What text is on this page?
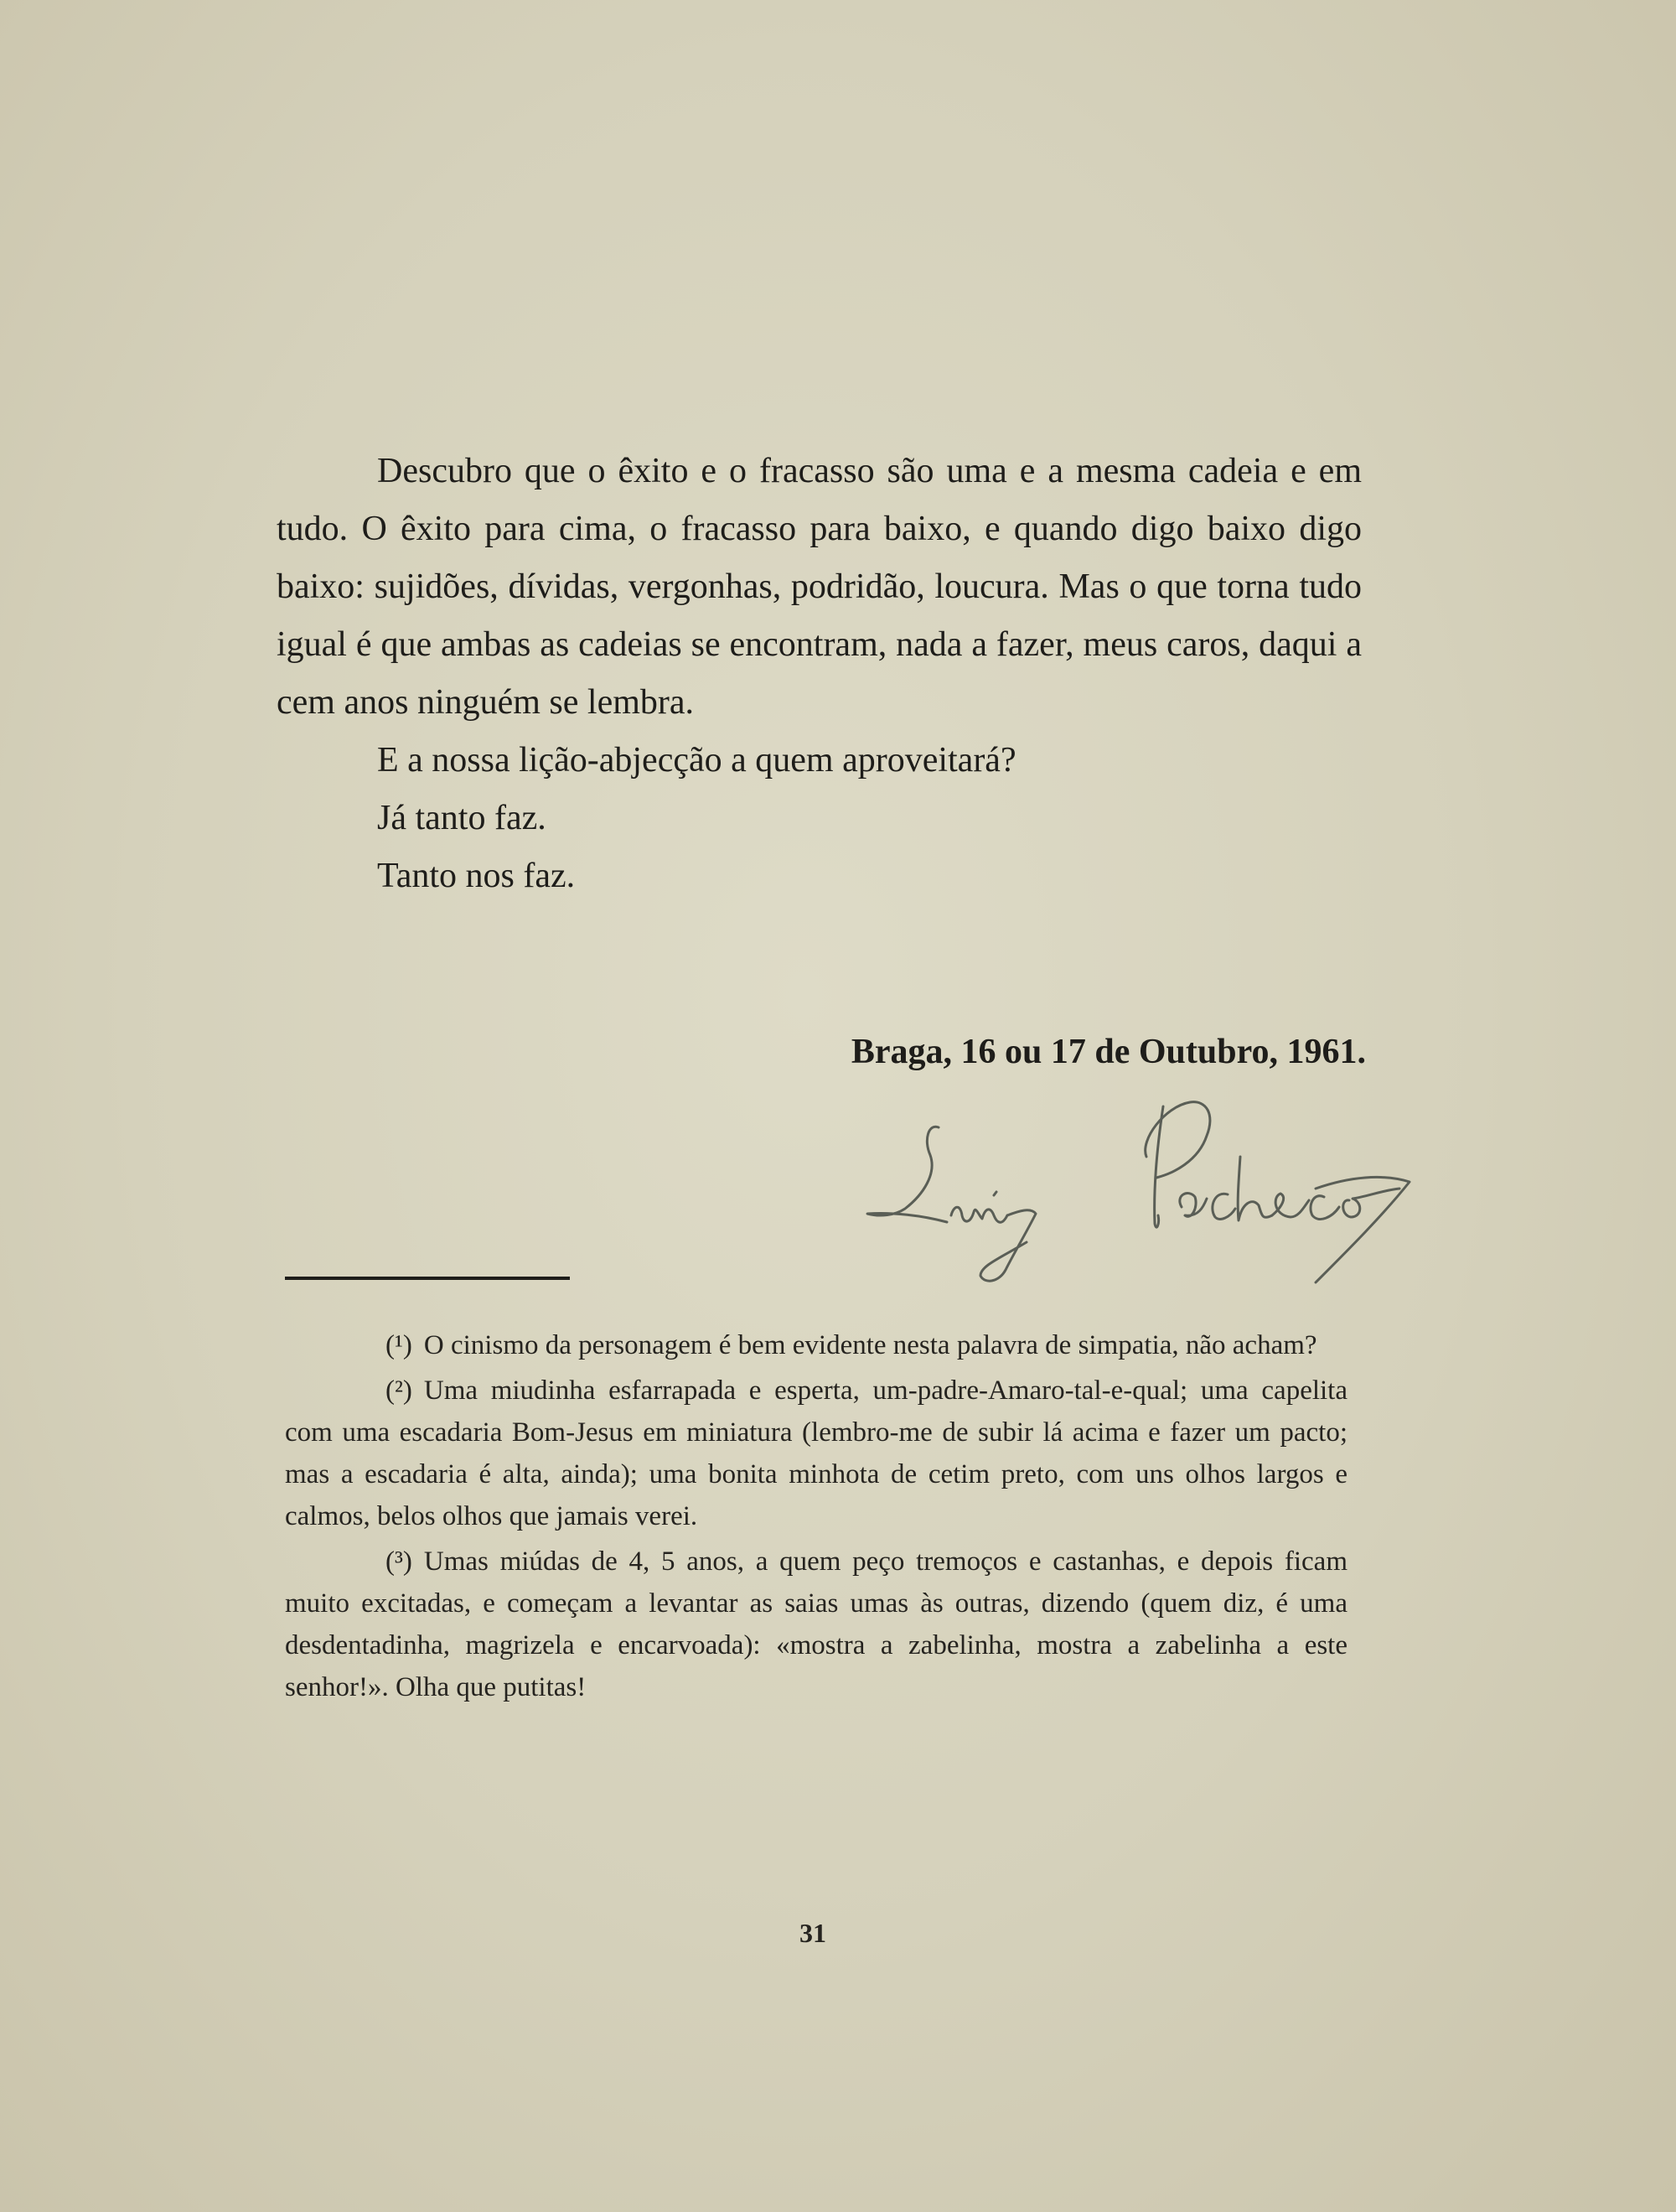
Descubro que o êxito e o fracasso são uma e a mesma cadeia e em tudo. O êxito para cima, o fracasso para baixo, e quando digo baixo digo baixo: sujidões, dívidas, vergonhas, podridão, loucura. Mas o que torna tudo igual é que ambas as cadeias se encontram, nada a fazer, meus caros, daqui a cem anos ninguém se lembra.

E a nossa lição-abjecção a quem aproveitará?

Já tanto faz.

Tanto nos faz.

Braga, 16 ou 17 de Outubro, 1961.

(¹) O cinismo da personagem é bem evidente nesta palavra de simpatia, não acham?

(²) Uma miudinha esfarrapada e esperta, um-padre-Amaro-tal-e-qual; uma capelita com uma escadaria Bom-Jesus em miniatura (lembro-me de subir lá acima e fazer um pacto; mas a escadaria é alta, ainda); uma bonita minhota de cetim preto, com uns olhos largos e calmos, belos olhos que jamais verei.

(³) Umas miúdas de 4, 5 anos, a quem peço tremoços e castanhas, e depois ficam muito excitadas, e começam a levantar as saias umas às outras, dizendo (quem diz, é uma desdentadinha, magrizela e encarvoada): «mostra a zabelinha, mostra a zabelinha a este senhor!». Olha que putitas!

31
